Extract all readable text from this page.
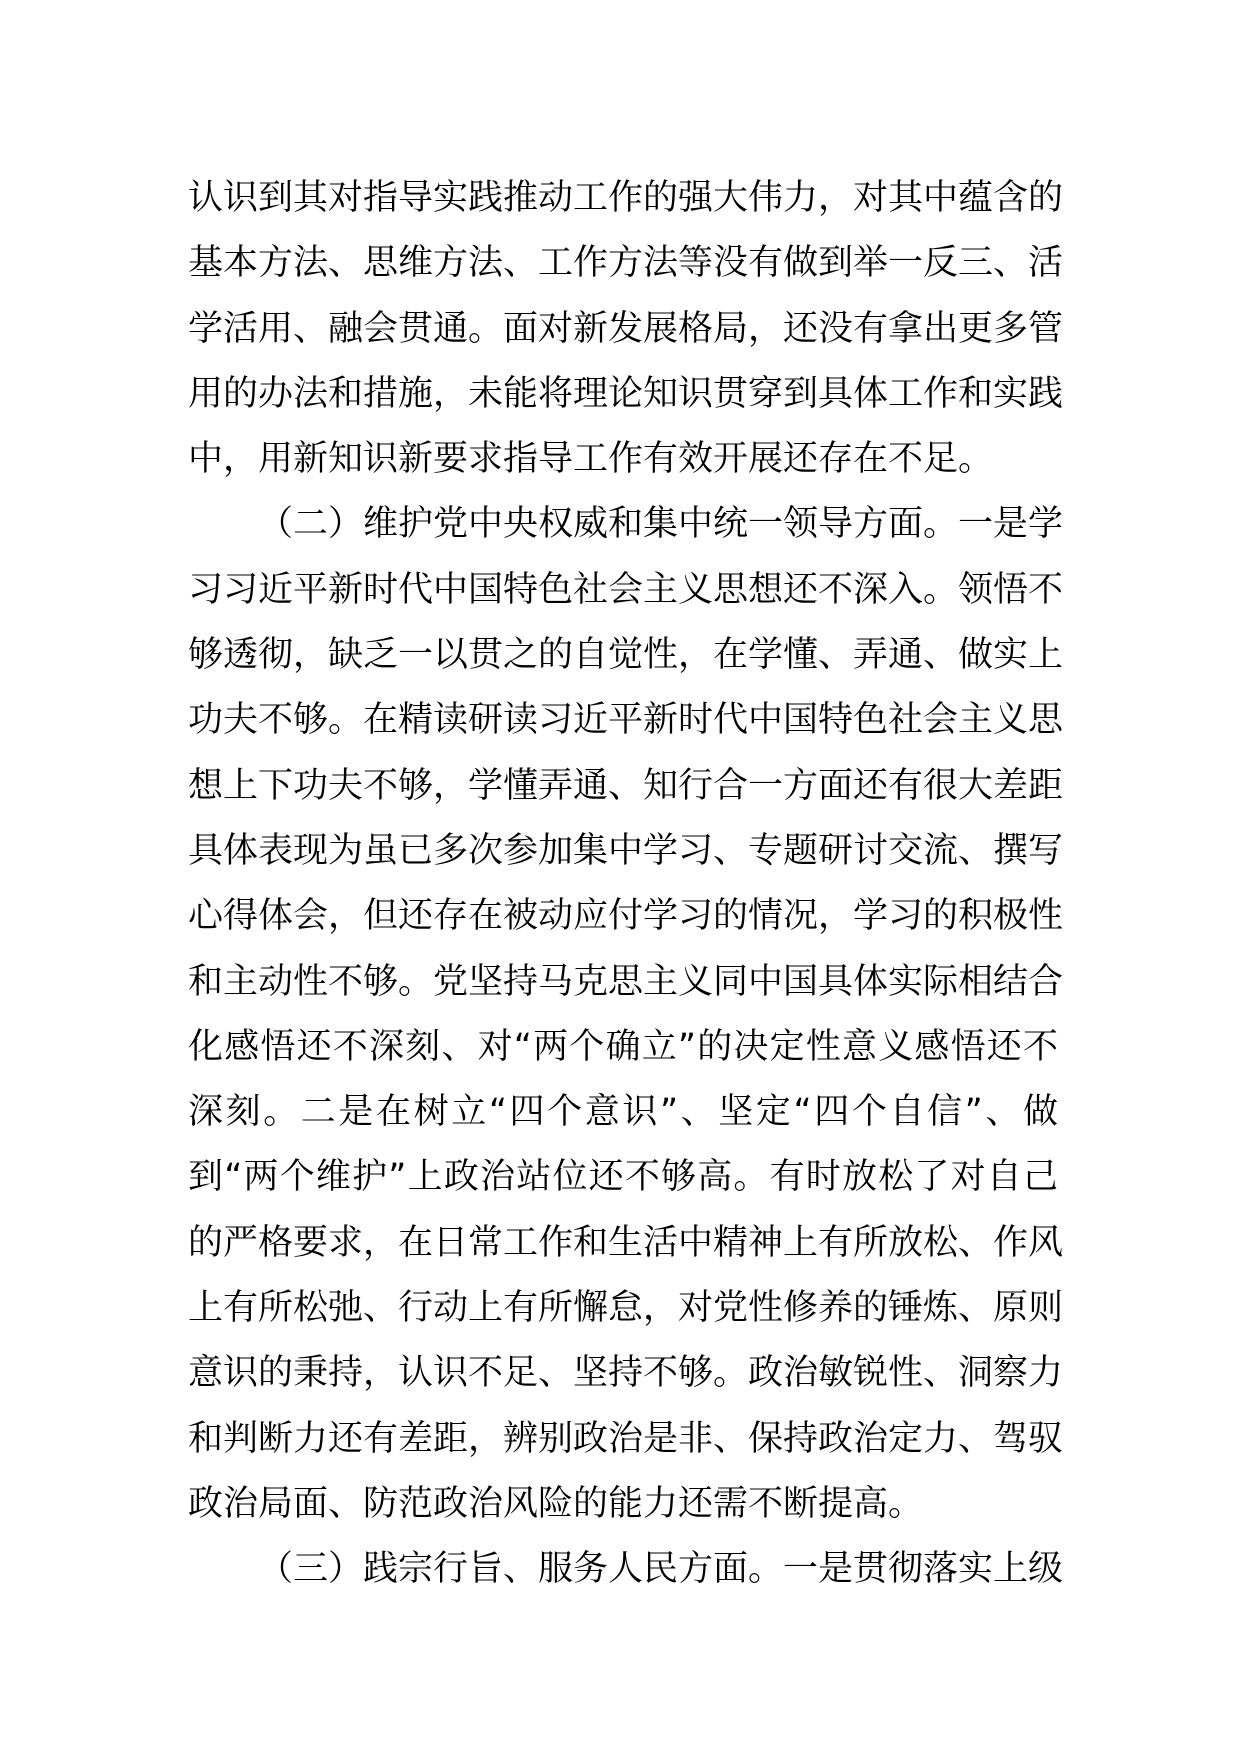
认识到其对指导实践推动工作的强大伟力，对其中蕴含的
基本方法、思维方法、工作方法等没有做到举一反三、活
学活用、融会贯通。面对新发展格局，还没有拿出更多管
用的办法和措施，未能将理论知识贯穿到具体工作和实践
中，用新知识新要求指导工作有效开展还存在不足。
（二）维护党中央权威和集中统一领导方面。一是学
习习近平新时代中国特色社会主义思想还不深入。领悟不
够透彻，缺乏一以贯之的自觉性，在学懂、弄通、做实上
功夫不够。在精读研读习近平新时代中国特色社会主义思
想上下功夫不够，学懂弄通、知行合一方面还有很大差距
具体表现为虽已多次参加集中学习、专题研讨交流、撰写
心得体会，但还存在被动应付学习的情况，学习的积极性
和主动性不够。党坚持马克思主义同中国具体实际相结合
化感悟还不深刻、对“两个确立”的决定性意义感悟还不
深刻。二是在树立“四个意识”、坚定“四个自信”、做
到“两个维护”上政治站位还不够高。有时放松了对自己
的严格要求，在日常工作和生活中精神上有所放松、作风
上有所松弛、行动上有所懈怠，对党性修养的锤炼、原则
意识的秉持，认识不足、坚持不够。政治敏锐性、洞察力
和判断力还有差距，辨别政治是非、保持政治定力、驾驭
政治局面、防范政治风险的能力还需不断提高。
（三）践宗行旨、服务人民方面。一是贯彻落实上级
